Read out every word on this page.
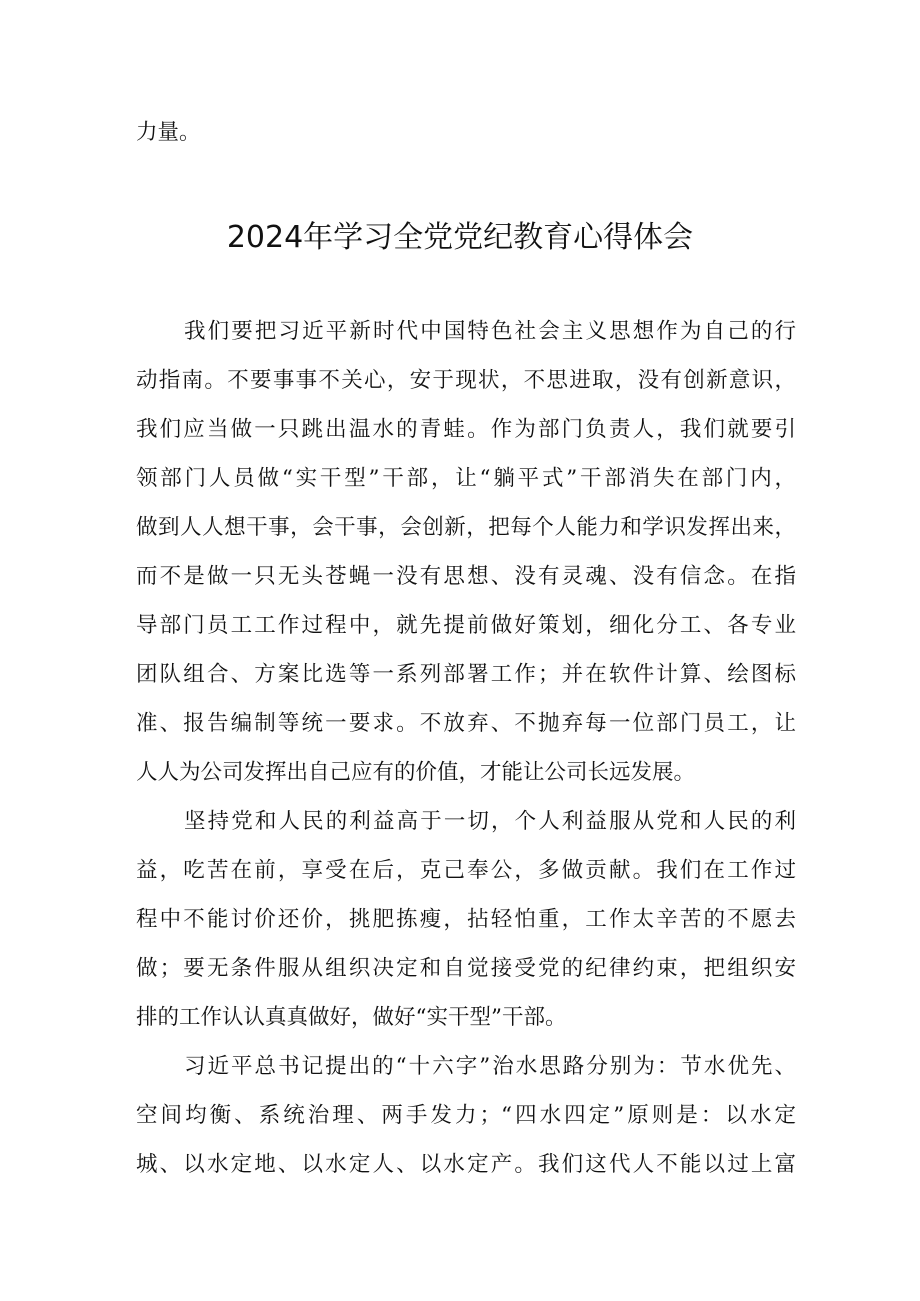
力量。
2024年学习全党党纪教育心得体会
我们要把习近平新时代中国特色社会主义思想作为自己的行
动指南。不要事事不关心，安于现状，不思进取，没有创新意识，
我们应当做一只跳出温水的青蛙。作为部门负责人，我们就要引
领部门人员做“实干型”干部，让“躺平式”干部消失在部门内，
做到人人想干事，会干事，会创新，把每个人能力和学识发挥出来，
而不是做一只无头苍蝇一没有思想、没有灵魂、没有信念。在指
导部门员工工作过程中，就先提前做好策划，细化分工、各专业
团队组合、方案比选等一系列部署工作；并在软件计算、绘图标
准、报告编制等统一要求。不放弃、不抛弃每一位部门员工，让
人人为公司发挥出自己应有的价值，才能让公司长远发展。
坚持党和人民的利益高于一切，个人利益服从党和人民的利
益，吃苦在前，享受在后，克己奉公，多做贡献。我们在工作过
程中不能讨价还价，挑肥拣瘦，拈轻怕重，工作太辛苦的不愿去
做；要无条件服从组织决定和自觉接受党的纪律约束，把组织安
排的工作认认真真做好，做好“实干型”干部。
习近平总书记提出的“十六字”治水思路分别为：节水优先、
空间均衡、系统治理、两手发力；“四水四定”原则是：以水定
城、以水定地、以水定人、以水定产。我们这代人不能以过上富
